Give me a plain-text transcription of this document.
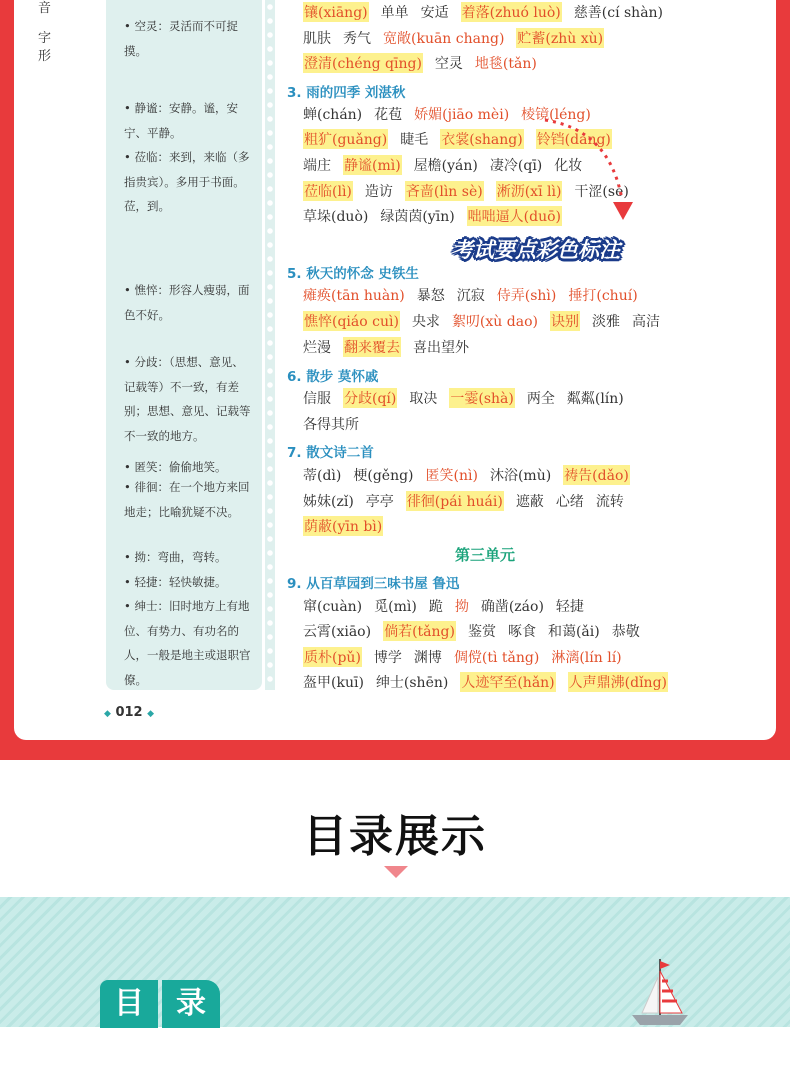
音
字
形
• 空灵：灵活而不可捉摸。
• 静谧：安静。谧，安宁、平静。
• 莅临：来到，来临（多指贵宾）。多用于书面。莅，到。
• 憔悴：形容人瘦弱，面色不好。
• 分歧：（思想、意见、记载等）不一致，有差别；思想、意见、记载等不一致的地方。
• 匿笑：偷偷地笑。
• 徘徊：在一个地方来回地走；比喻犹疑不决。
• 拗：弯曲，弯转。
• 轻捷：轻快敏捷。
• 绅士：旧时地方上有地位、有势力、有功名的人，一般是地主或退职官僚。
镶(xiāng) 单单 安适 着落(zhuó luò) 慈善(cí shàn)
肌肤 秀气 宽敞(kuān chang) 贮蓄(zhù xù)
澄清(chéng qīng) 空灵 地毯(tǎn)
蝉(chán) 花苞 娇媚(jiāo mèi) 棱镜(léng)
粗犷(guǎng) 睫毛 衣裳(shang) 铃铛(dang)
端庄 静谧(mì) 屋檐(yán) 凄冷(qī) 化妆
莅临(lì) 造访 吝啬(lìn sè) 淅沥(xī lì) 干涩(sè)
草垛(duò) 绿茵茵(yīn) 咄咄逼人(duō)
瘫痪(tān huàn) 暴怒 沉寂 侍弄(shì) 捶打(chuí)
憔悴(qiáo cuì) 央求 絮叨(xù dao) 诀别 淡雅 高洁
烂漫 翻来覆去 喜出望外
信服 分歧(qí) 取决 一霎(shà) 两全 粼粼(lín)
各得其所
蒂(dì) 梗(gěng) 匿笑(nì) 沐浴(mù) 祷告(dǎo)
姊妹(zǐ) 亭亭 徘徊(pái huái) 遮蔽 心绪 流转
荫蔽(yīn bì)
窜(cuàn) 觅(mì) 跪 拗 确凿(záo) 轻捷
云霄(xiāo) 倘若(tǎng) 鉴赏 啄食 和蔼(ǎi) 恭敬
质朴(pǔ) 博学 渊博 倜傥(tì tǎng) 淋漓(lín lí)
盔甲(kuī) 绅士(shēn) 人迹罕至(hǎn) 人声鼎沸(dǐng)
3. 雨的四季 刘湛秋
5. 秋天的怀念 史铁生
6. 散步 莫怀戚
7. 散文诗二首
9. 从百草园到三味书屋 鲁迅
第三单元
考试要点彩色标注
◆ 012 ◆
目录展示
目	录
